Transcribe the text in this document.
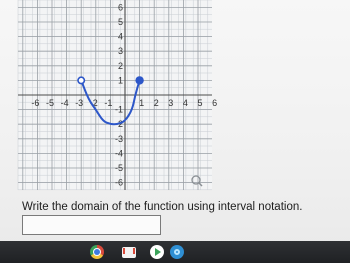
-6 -5 -4 -3 -2 -1	1 2 3 4 5 6
6
5
4
3
2
1
-1
-2
-3
-4
-5
-6
Write the domain of the function using interval notation.
